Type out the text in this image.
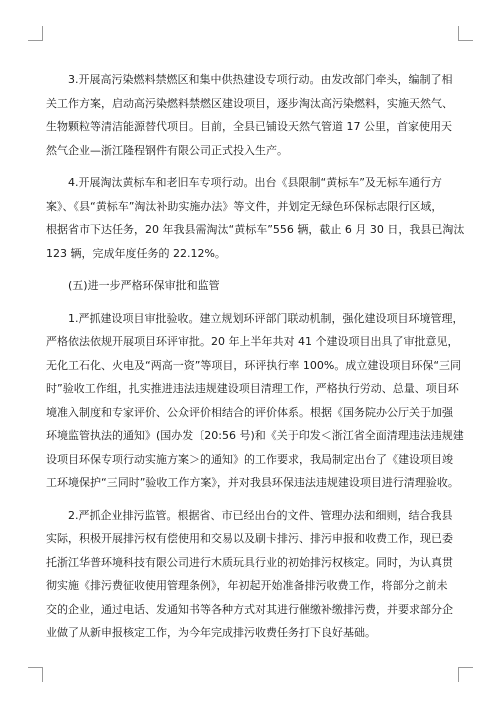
3.开展高污染燃料禁燃区和集中供热建设专项行动。由发改部门牵头，编制了相
关工作方案，启动高污染燃料禁燃区建设项目，逐步淘汰高污染燃料，实施天然气、
生物颗粒等清洁能源替代项目。目前，全县已铺设天然气管道 17 公里，首家使用天
然气企业—浙江隆程钢件有限公司正式投入生产。

4.开展淘汰黄标车和老旧车专项行动。出台《县限制“黄标车”及无标车通行方
案》、《县“黄标车”淘汰补助实施办法》等文件，并划定无绿色环保标志限行区域，
根据省市下达任务，20 年我县需淘汰“黄标车”556 辆，截止 6 月 30 日，我县已淘汰
123 辆，完成年度任务的 22.12%。

(五)进一步严格环保审批和监管

1.严抓建设项目审批验收。建立规划环评部门联动机制，强化建设项目环境管理，
严格依法依规开展项目环评审批。20 年上半年共对 41 个建设项目出具了审批意见，
无化工石化、火电及“两高一资”等项目，环评执行率 100%。成立建设项目环保“三同
时”验收工作组，扎实推进违法违规建设项目清理工作，严格执行労动、总量、项目环
境准入制度和专家评价、公众评价相结合的评价体系。根据《国务院办公厅关于加强
环境监管执法的通知》(国办发〔20:56 号)和《关于印发＜浙江省全面清理违法违规建
设项目环保专项行动实施方案＞的通知》的工作要求，我局制定出台了《建设项目竣
工环境保护“三同时”验收工作方案》，并对我县环保违法违规建设项目进行清理验收。

2.严抓企业排污监管。根据省、市已经出台的文件、管理办法和细则，结合我县
实际，积极开展排污权有偿使用和交易以及刷卡排污、排污申报和收费工作，现已委
托浙江华普环境科技有限公司进行木质玩具行业的初始排污权核定。同时，为认真贯
彻实施《排污费征收使用管理条例》，年初起开始准备排污收费工作，将部分之前未
交的企业，通过电话、发通知书等各种方式对其进行催缴补缴排污费，并要求部分企
业做了从新申报核定工作，为今年完成排污收费任务打下良好基础。
